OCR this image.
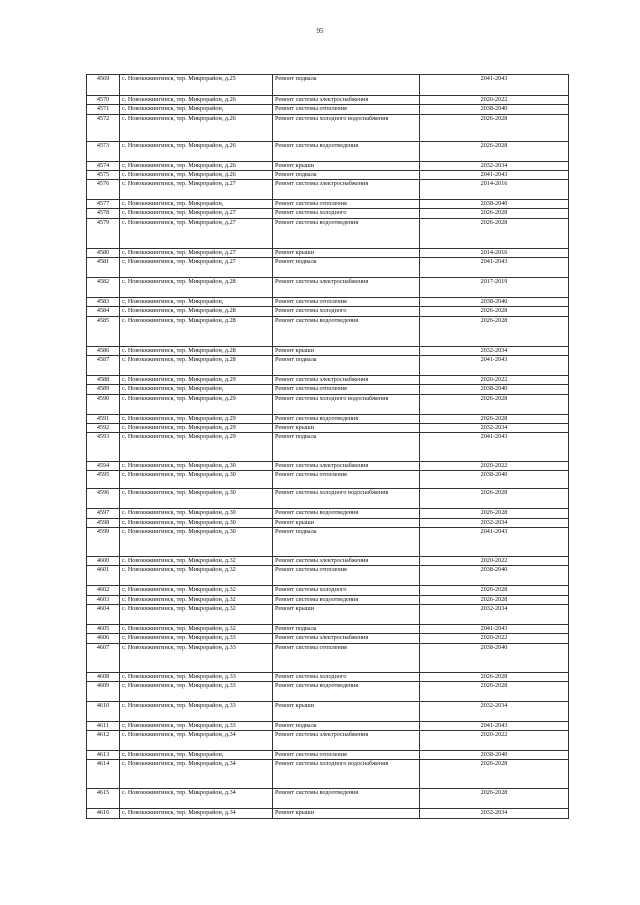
95
4569	с. Новокижингинск, тер. Микрорайон, д.25	Ремонт подвала	2041-2043
4570	с. Новокижингинск, тер. Микрорайон, д.26	Ремонт системы электроснабжения	2020-2022
4571	с. Новокижингинск, тер. Микрорайон,	Ремонт системы отопления	2038-2040
4572	с. Новокижингинск, тер. Микрорайон, д.26	Ремонт системы холодного водоснабжения	2026-2028
4573	с. Новокижингинск, тер. Микрорайон, д.26	Ремонт системы водоотведения	2026-2028
4574	с. Новокижингинск, тер. Микрорайон, д.26	Ремонт крыши	2032-2034
4575	с. Новокижингинск, тер. Микрорайон, д.26	Ремонт подвала	2041-2043
4576	с. Новокижингинск, тер. Микрорайон, д.27	Ремонт системы электроснабжения	2014-2016
4577	с. Новокижингинск, тер. Микрорайон,	Ремонт системы отопления	2038-2040
4578	с. Новокижингинск, тер. Микрорайон, д.27	Ремонт системы холодного	2026-2028
4579	с. Новокижингинск, тер. Микрорайон, д.27	Ремонт системы водоотведения	2026-2028
4580	с. Новокижингинск, тер. Микрорайон, д.27	Ремонт крыши	2014-2016
4581	с. Новокижингинск, тер. Микрорайон, д.27	Ремонт подвала	2041-2043
4582	с. Новокижингинск, тер. Микрорайон, д.28	Ремонт системы электроснабжения	2017-2019
4583	с. Новокижингинск, тер. Микрорайон,	Ремонт системы отопления	2038-2040
4584	с. Новокижингинск, тер. Микрорайон, д.28	Ремонт системы холодного	2026-2028
4585	с. Новокижингинск, тер. Микрорайон, д.28	Ремонт системы водоотведения	2026-2028
4586	с. Новокижингинск, тер. Микрорайон, д.28	Ремонт крыши	2032-2034
4587	с. Новокижингинск, тер. Микрорайон, д.28	Ремонт подвала	2041-2043
4588	с. Новокижингинск, тер. Микрорайон, д.29	Ремонт системы электроснабжения	2020-2022
4589	с. Новокижингинск, тер. Микрорайон,	Ремонт системы отопления	2038-2040
4590	с. Новокижингинск, тер. Микрорайон, д.29	Ремонт системы холодного водоснабжения	2026-2028
4591	с. Новокижингинск, тер. Микрорайон, д.29	Ремонт системы водоотведения	2026-2028
4592	с. Новокижингинск, тер. Микрорайон, д.29	Ремонт крыши	2032-2034
4593	с. Новокижингинск, тер. Микрорайон, д.29	Ремонт подвала	2041-2043
4594	с. Новокижингинск, тер. Микрорайон, д.30	Ремонт системы электроснабжения	2020-2022
4595	с. Новокижингинск, тер. Микрорайон, д.30	Ремонт системы отопления	2038-2040
4596	с. Новокижингинск, тер. Микрорайон, д.30	Ремонт системы холодного водоснабжения	2026-2028
4597	с. Новокижингинск, тер. Микрорайон, д.30	Ремонт системы водоотведения	2026-2028
4598	с. Новокижингинск, тер. Микрорайон, д.30	Ремонт крыши	2032-2034
4599	с. Новокижингинск, тер. Микрорайон, д.30	Ремонт подвала	2041-2043
4600	с. Новокижингинск, тер. Микрорайон, д.32	Ремонт системы электроснабжения	2020-2022
4601	с. Новокижингинск, тер. Микрорайон, д.32	Ремонт системы отопления	2038-2040
4602	с. Новокижингинск, тер. Микрорайон, д.32	Ремонт системы холодного	2026-2028
4603	с. Новокижингинск, тер. Микрорайон, д.32	Ремонт системы водоотведения	2026-2028
4604	с. Новокижингинск, тер. Микрорайон, д.32	Ремонт крыши	2032-2034
4605	с. Новокижингинск, тер. Микрорайон, д.32	Ремонт подвала	2041-2043
4606	с. Новокижингинск, тер. Микрорайон, д.33	Ремонт системы электроснабжения	2020-2022
4607	с. Новокижингинск, тер. Микрорайон, д.33	Ремонт системы отопления	2038-2040
4608	с. Новокижингинск, тер. Микрорайон, д.33	Ремонт системы холодного	2026-2028
4609	с. Новокижингинск, тер. Микрорайон, д.33	Ремонт системы водоотведения	2026-2028
4610	с. Новокижингинск, тер. Микрорайон, д.33	Ремонт крыши	2032-2034
4611	с. Новокижингинск, тер. Микрорайон, д.33	Ремонт подвала	2041-2043
4612	с. Новокижингинск, тер. Микрорайон, д.34	Ремонт системы электроснабжения	2020-2022
4613	с. Новокижингинск, тер. Микрорайон,	Ремонт системы отопления	2038-2040
4614	с. Новокижингинск, тер. Микрорайон, д.34	Ремонт системы холодного водоснабжения	2026-2028
4615	с. Новокижингинск, тер. Микрорайон, д.34	Ремонт системы водоотведения	2026-2028
4616	с. Новокижингинск, тер. Микрорайон, д.34	Ремонт крыши	2032-2034
